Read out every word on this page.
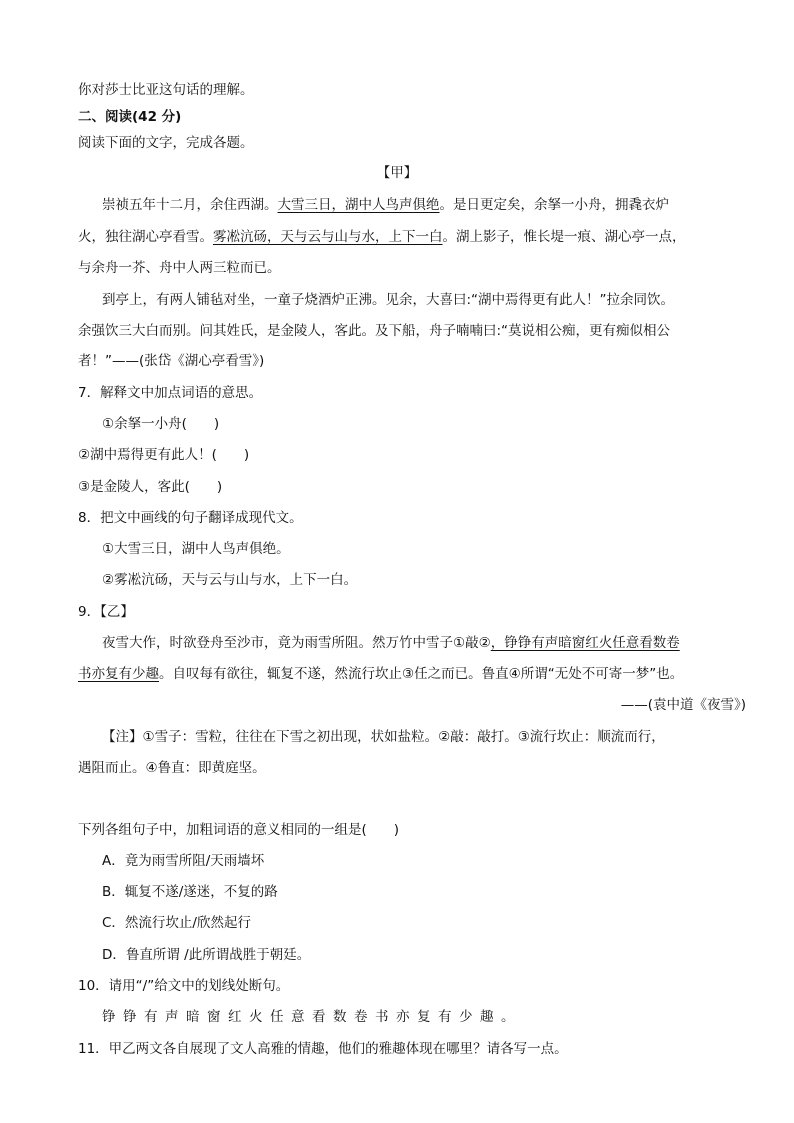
你对莎士比亚这句话的理解。
二、阅读(42 分)
阅读下面的文字，完成各题。
【甲】
崇祯五年十二月，余住西湖。大雪三日，湖中人鸟声俱绝。是日更定矣，余拏一小舟，拥毳衣炉
火，独往湖心亭看雪。雾凇沆砀，天与云与山与水，上下一白。湖上影子，惟长堤一痕、湖心亭一点，
与余舟一芥、舟中人两三粒而已。
到亭上，有两人铺毡对坐，一童子烧酒炉正沸。见余，大喜曰:“湖中焉得更有此人！”拉余同饮。
余强饮三大白而别。问其姓氏，是金陵人，客此。及下船，舟子喃喃曰:“莫说相公痴，更有痴似相公
者！”——(张岱《湖心亭看雪》)
7．解释文中加点词语的意思。
①余拏一小舟(　　)
②湖中焉得更有此人！(　　)
③是金陵人，客此(　　)
8．把文中画线的句子翻译成现代文。
①大雪三日，湖中人鸟声俱绝。
②雾凇沆砀，天与云与山与水，上下一白。
9．【乙】
夜雪大作，时欲登舟至沙市，竟为雨雪所阻。然万竹中雪子①敲②，铮铮有声暗窗红火任意看数卷
书亦复有少趣。自叹每有欲往，辄复不遂，然流行坎止③任之而已。鲁直④所谓“无处不可寄一梦”也。
——(袁中道《夜雪》)
【注】①雪子：雪粒，往往在下雪之初出现，状如盐粒。②敲：敲打。③流行坎止：顺流而行，
遇阻而止。④鲁直：即黄庭坚。
下列各组句子中，加粗词语的意义相同的一组是(　　)
A．竟为雨雪所阻/天雨墙坏
B．辄复不遂/遂迷，不复的路
C．然流行坎止/欣然起行
D．鲁直所谓 /此所谓战胜于朝廷。
10．请用“/”给文中的划线处断句。
铮铮有声暗窗红火任意看数卷书亦复有少趣。
11．甲乙两文各自展现了文人高雅的情趣，他们的雅趣体现在哪里？请各写一点。
